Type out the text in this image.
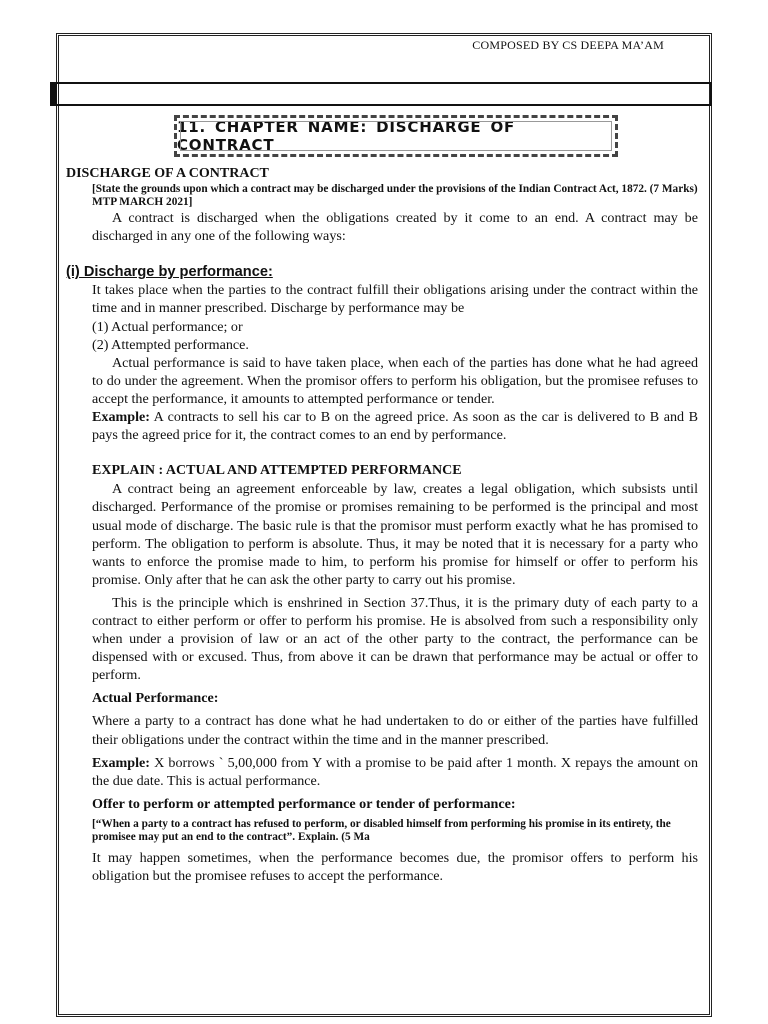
COMPOSED BY CS DEEPA MA’AM
11. CHAPTER NAME: DISCHARGE OF CONTRACT

DISCHARGE OF A CONTRACT

[State the grounds upon which a contract may be discharged under the provisions of the Indian Contract Act, 1872. (7 Marks) MTP MARCH 2021]

A contract is discharged when the obligations created by it come to an end. A contract may be discharged in any one of the following ways:

(i) Discharge by performance:

It takes place when the parties to the contract fulfill their obligations arising under the contract within the time and in manner prescribed. Discharge by performance may be

(1) Actual performance; or

(2) Attempted performance.

Actual performance is said to have taken place, when each of the parties has done what he had agreed to do under the agreement. When the promisor offers to perform his obligation, but the promisee refuses to accept the performance, it amounts to attempted performance or tender.

Example: A contracts to sell his car to B on the agreed price. As soon as the car is delivered to B and B pays the agreed price for it, the contract comes to an end by performance.

EXPLAIN : ACTUAL AND ATTEMPTED PERFORMANCE

A contract being an agreement enforceable by law, creates a legal obligation, which subsists until discharged. Performance of the promise or promises remaining to be performed is the principal and most usual mode of discharge. The basic rule is that the promisor must perform exactly what he has promised to perform. The obligation to perform is absolute. Thus, it may be noted that it is necessary for a party who wants to enforce the promise made to him, to perform his promise for himself or offer to perform his promise. Only after that he can ask the other party to carry out his promise.

This is the principle which is enshrined in Section 37.Thus, it is the primary duty of each party to a contract to either perform or offer to perform his promise. He is absolved from such a responsibility only when under a provision of law or an act of the other party to the contract, the performance can be dispensed with or excused. Thus, from above it can be drawn that performance may be actual or offer to perform.

Actual Performance:

Where a party to a contract has done what he had undertaken to do or either of the parties have fulfilled their obligations under the contract within the time and in the manner prescribed.

Example: X borrows ` 5,00,000 from Y with a promise to be paid after 1 month. X repays the amount on the due date. This is actual performance.

Offer to perform or attempted performance or tender of performance:

[“When a party to a contract has refused to perform, or disabled himself from performing his promise in its entirety, the promisee may put an end to the contract”. Explain. (5 Ma

It may happen sometimes, when the performance becomes due, the promisor offers to perform his obligation but the promisee refuses to accept the performance.
